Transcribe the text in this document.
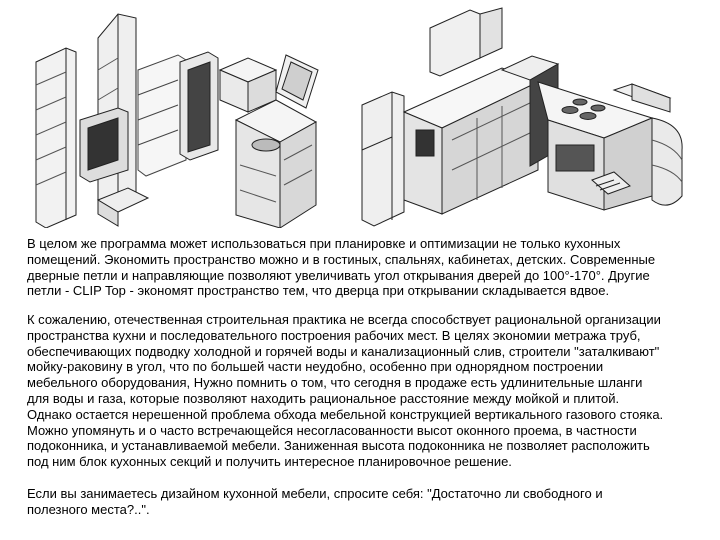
В целом же программа может использоваться при планировке и оптимизации не только кухонных
помещений. Экономить пространство можно и в гостиных, спальнях, кабинетах, детских. Современные
дверные петли и направляющие позволяют увеличивать угол открывания дверей до 100°-170°. Другие
петли - CLIP Top - экономят пространство тем, что дверца при открывании складывается вдвое.

К сожалению, отечественная строительная практика не всегда способствует рациональной организации
пространства кухни и последовательного построения рабочих мест. В целях экономии метража труб,
обеспечивающих подводку холодной и горячей воды и канализационный слив, строители "заталкивают"
мойку-раковину в угол, что по большей части неудобно, особенно при однорядном построении
мебельного оборудования, Нужно помнить о том, что сегодня в продаже есть удлинительные шланги
для воды и газа, которые позволяют находить рациональное расстояние между мойкой и плитой.
Однако остается нерешенной проблема обхода мебельной конструкцией вертикального газового стояка.
Можно упомянуть и о часто встречающейся несогласованности высот оконного проема, в частности
подоконника, и устанавливаемой мебели. Заниженная высота подоконника не позволяет расположить
под ним блок кухонных секций и получить интересное планировочное решение.

Если вы занимаетесь дизайном кухонной мебели, спросите себя: "Достаточно ли свободного и
полезного места?..".
